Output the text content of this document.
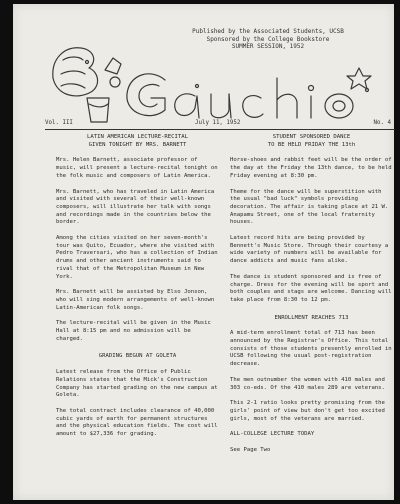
Published by the Associated Students, UCSB
Sponsored by the College Bookstore
SUMMER SESSION, 1952
Vol. III	July 11, 1952	No. 4
LATIN AMERICAN LECTURE-RECITAL
GIVEN TONIGHT BY MRS. BARNETT

Mrs. Helen Barnett, associate professor of music, will present a lecture-recital tonight on the folk music and composers of Latin America.

Mrs. Barnett, who has traveled in Latin America and visited with several of their well-known composers, will illustrate her talk with songs and recordings made in the countries below the border.

Among the cities visited on her seven-month's tour was Quito, Ecuador, where she visited with Pedro Traversari, who has a collection of Indian drums and other ancient instruments said to rival that of the Metropolitan Museum in New York.

Mrs. Barnett will be assisted by Elso Jonson, who will sing modern arrangements of well-known Latin-American folk songs.

The lecture-recital will be given in the Music Hall at 8:15 pm and no admission will be charged.

GRADING BEGUN AT GOLETA

Latest release from the Office of Public Relations states that the Mick's Construction Company has started grading on the new campus at Goleta.

The total contract includes clearance of 40,000 cubic yards of earth for permanent structures and the physical education fields. The cost will amount to $27,336 for grading.

STUDENT SPONSORED DANCE
TO BE HELD FRIDAY THE 13th

Horse-shoes and rabbit feet will be the order of the day at the Friday the 13th dance, to be held Friday evening at 8:30 pm.

Theme for the dance will be superstition with the usual "bad luck" symbols providing decoration. The affair is taking place at 21 W. Anapamu Street, one of the local fraternity houses.

Latest record hits are being provided by Bennett's Music Store. Through their courtesy a wide variety of numbers will be available for dance addicts and music fans alike.

The dance is student sponsored and is free of charge. Dress for the evening will be sport and both couples and stags are welcome. Dancing will take place from 8:30 to 12 pm.

ENROLLMENT REACHES 713

A mid-term enrollment total of 713 has been announced by the Registrar's Office. This total consists of those students presently enrolled in UCSB following the usual post-registration decrease.

The men outnumber the women with 410 males and 303 co-eds. Of the 410 males 289 are veterans.

This 2-1 ratio looks pretty promising from the girls' point of view but don't get too excited girls, most of the veterans are married.

ALL-COLLEGE LECTURE TODAY

See Page Two
